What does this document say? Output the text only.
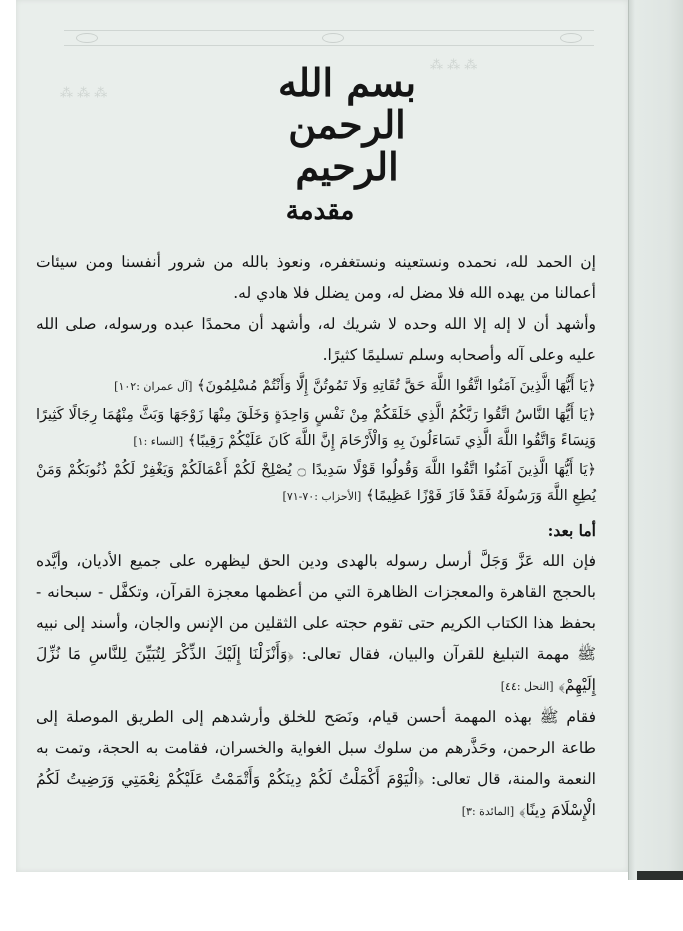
⁂ ⁂ ⁂
⁂ ⁂ ⁂	بسم الله الرحمن الرحيم
مقدمة

إن الحمد لله، نحمده ونستعينه ونستغفره، ونعوذ بالله من شرور أنفسنا ومن سيئات أعمالنا من يهده الله فلا مضل له، ومن يضلل فلا هادي له.

وأشهد أن لا إله إلا الله وحده لا شريك له، وأشهد أن محمدًا عبده ورسوله، صلى الله عليه وعلى آله وأصحابه وسلم تسليمًا كثيرًا.

﴿يَا أَيُّهَا الَّذِينَ آمَنُوا اتَّقُوا اللَّهَ حَقَّ تُقَاتِهِ وَلَا تَمُوتُنَّ إِلَّا وَأَنْتُمْ مُسْلِمُونَ﴾ [آل عمران :١٠٢]

﴿يَا أَيُّهَا النَّاسُ اتَّقُوا رَبَّكُمُ الَّذِي خَلَقَكُمْ مِنْ نَفْسٍ وَاحِدَةٍ وَخَلَقَ مِنْهَا زَوْجَهَا وَبَثَّ مِنْهُمَا رِجَالًا كَثِيرًا وَنِسَاءً وَاتَّقُوا اللَّهَ الَّذِي تَسَاءَلُونَ بِهِ وَالْأَرْحَامَ إِنَّ اللَّهَ كَانَ عَلَيْكُمْ رَقِيبًا﴾ [النساء :١]

﴿يَا أَيُّهَا الَّذِينَ آمَنُوا اتَّقُوا اللَّهَ وَقُولُوا قَوْلًا سَدِيدًا ۝ يُصْلِحْ لَكُمْ أَعْمَالَكُمْ وَيَغْفِرْ لَكُمْ ذُنُوبَكُمْ وَمَنْ يُطِعِ اللَّهَ وَرَسُولَهُ فَقَدْ فَازَ فَوْزًا عَظِيمًا﴾ [الأحزاب :٧٠-٧١]

أما بعد:

فإن الله عَزَّ وَجَلَّ أرسل رسوله بالهدى ودين الحق ليظهره على جميع الأديان، وأيَّده بالحجج القاهرة والمعجزات الظاهرة التي من أعظمها معجزة القرآن، وتكفَّل - سبحانه - بحفظ هذا الكتاب الكريم حتى تقوم حجته على الثقلين من الإنس والجان، وأسند إلى نبيه ﷺ مهمة التبليغ للقرآن والبيان، فقال تعالى: ﴿وَأَنْزَلْنَا إِلَيْكَ الذِّكْرَ لِتُبَيِّنَ لِلنَّاسِ مَا نُزِّلَ إِلَيْهِمْ﴾ [النحل :٤٤]

فقام ﷺ بهذه المهمة أحسن قيام، ونَصَح للخلق وأرشدهم إلى الطريق الموصلة إلى طاعة الرحمن، وحَذَّرهم من سلوك سبل الغواية والخسران، فقامت به الحجة، وتمت به النعمة والمنة، قال تعالى: ﴿الْيَوْمَ أَكْمَلْتُ لَكُمْ دِينَكُمْ وَأَتْمَمْتُ عَلَيْكُمْ نِعْمَتِي وَرَضِيتُ لَكُمُ الْإِسْلَامَ دِينًا﴾ [المائدة :٣]
